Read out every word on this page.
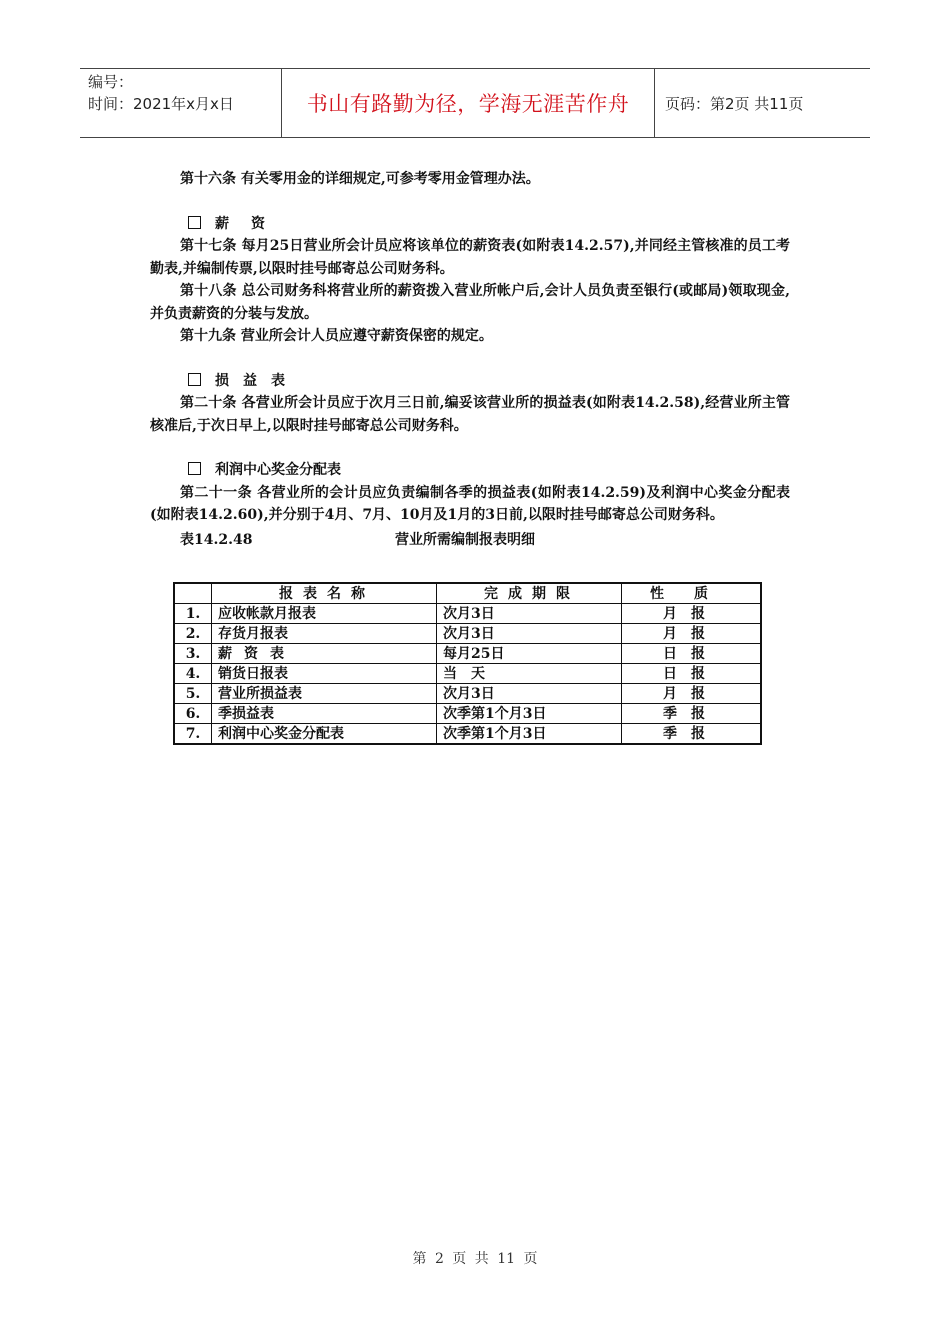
编号：
时间：2021年x月x日	书山有路勤为径，学海无涯苦作舟	页码：第2页 共11页

第十六条 有关零用金的详细规定,可参考零用金管理办法。

薪资

第十七条 每月25日营业所会计员应将该单位的薪资表(如附表14.2.57),并同经主管核准的员工考勤表,并编制传票,以限时挂号邮寄总公司财务科。

第十八条 总公司财务科将营业所的薪资拨入营业所帐户后,会计人员负责至银行(或邮局)领取现金,并负责薪资的分装与发放。

第十九条 营业所会计人员应遵守薪资保密的规定。

损益表

第二十条 各营业所会计员应于次月三日前,编妥该营业所的损益表(如附表14.2.58),经营业所主管核准后,于次日早上,以限时挂号邮寄总公司财务科。

利润中心奖金分配表

第二十一条 各营业所的会计员应负责编制各季的损益表(如附表14.2.59)及利润中心奖金分配表(如附表14.2.60),并分别于4月、7月、10月及1月的3日前,以限时挂号邮寄总公司财务科。

表14.2.48	营业所需编制报表明细
	报表名称	完成期限	性质
1.	应收帐款月报表	次月3日	月报
2.	存货月报表	次月3日	月报
3.	薪资表	每月25日	日报
4.	销货日报表	当天	日报
5.	营业所损益表	次月3日	月报
6.	季损益表	次季第1个月3日	季报
7.	利润中心奖金分配表	次季第1个月3日	季报
第 2 页 共 11 页
